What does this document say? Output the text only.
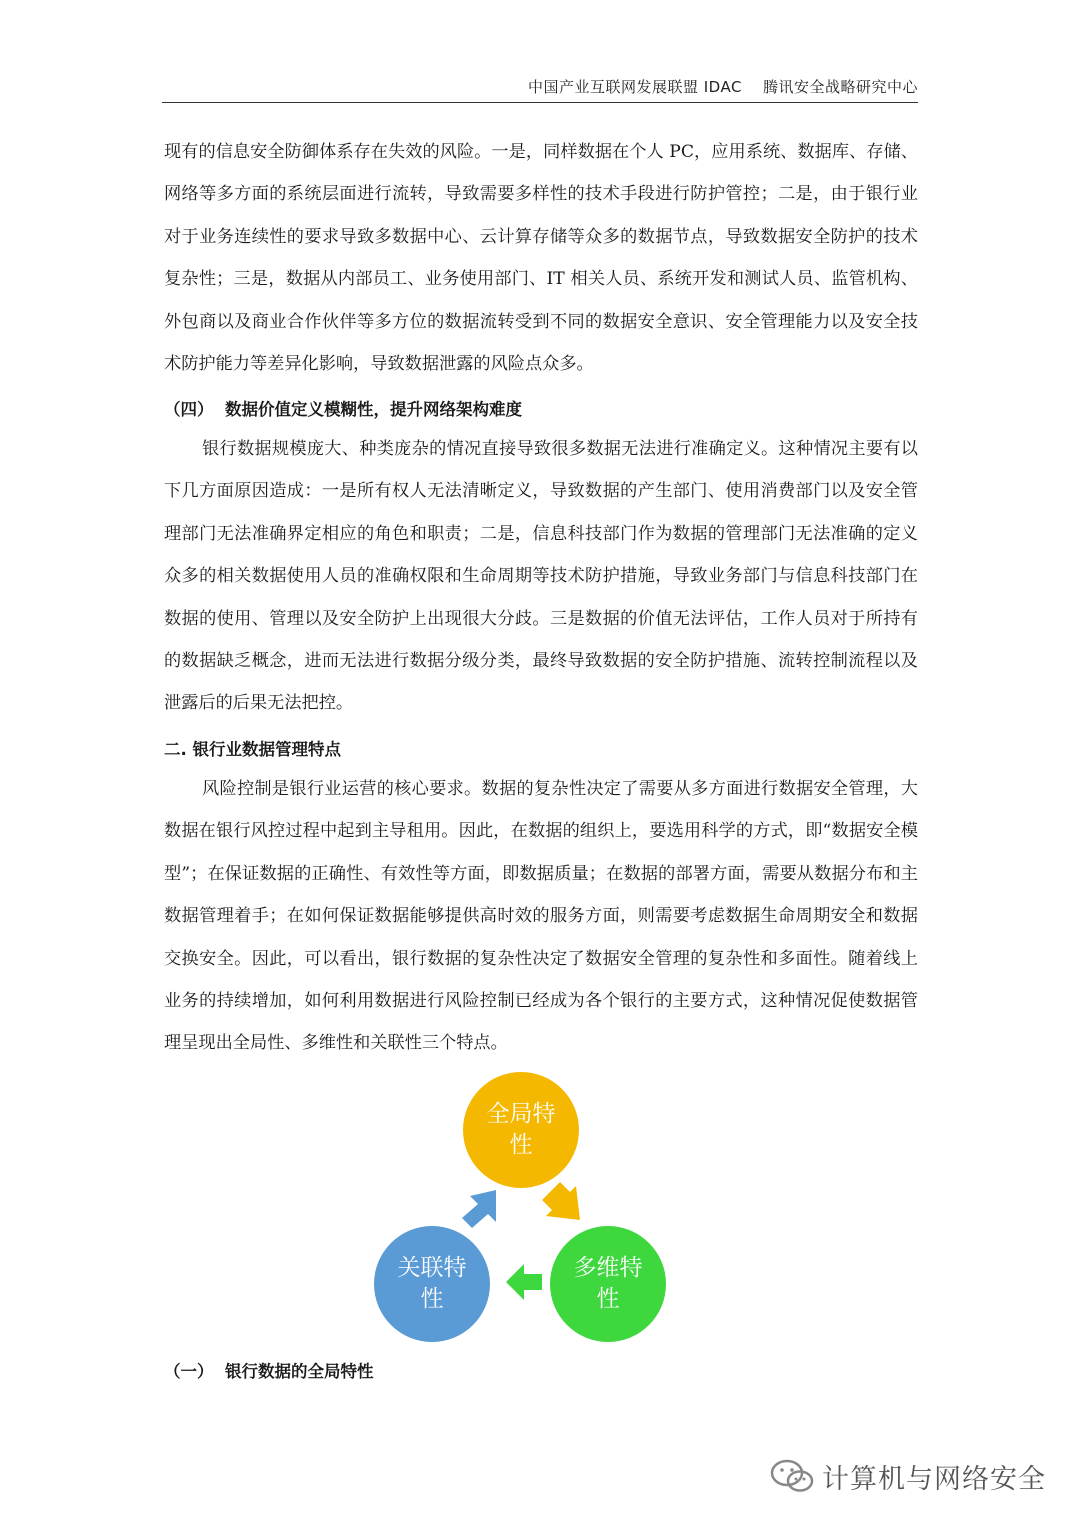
中国产业互联网发展联盟 IDAC    腾讯安全战略研究中心

现有的信息安全防御体系存在失效的风险。一是，同样数据在个人 PC，应用系统、数据库、存储、网络等多方面的系统层面进行流转，导致需要多样性的技术手段进行防护管控；二是，由于银行业对于业务连续性的要求导致多数据中心、云计算存储等众多的数据节点，导致数据安全防护的技术复杂性；三是，数据从内部员工、业务使用部门、IT 相关人员、系统开发和测试人员、监管机构、外包商以及商业合作伙伴等多方位的数据流转受到不同的数据安全意识、安全管理能力以及安全技术防护能力等差异化影响，导致数据泄露的风险点众多。

（四）  数据价值定义模糊性，提升网络架构难度

银行数据规模庞大、种类庞杂的情况直接导致很多数据无法进行准确定义。这种情况主要有以下几方面原因造成：一是所有权人无法清晰定义，导致数据的产生部门、使用消费部门以及安全管理部门无法准确界定相应的角色和职责；二是，信息科技部门作为数据的管理部门无法准确的定义众多的相关数据使用人员的准确权限和生命周期等技术防护措施，导致业务部门与信息科技部门在数据的使用、管理以及安全防护上出现很大分歧。三是数据的价值无法评估，工作人员对于所持有的数据缺乏概念，进而无法进行数据分级分类，最终导致数据的安全防护措施、流转控制流程以及泄露后的后果无法把控。

二. 银行业数据管理特点

风险控制是银行业运营的核心要求。数据的复杂性决定了需要从多方面进行数据安全管理，大数据在银行风控过程中起到主导租用。因此，在数据的组织上，要选用科学的方式，即“数据安全模型”；在保证数据的正确性、有效性等方面，即数据质量；在数据的部署方面，需要从数据分布和主数据管理着手；在如何保证数据能够提供高时效的服务方面，则需要考虑数据生命周期安全和数据交换安全。因此，可以看出，银行数据的复杂性决定了数据安全管理的复杂性和多面性。随着线上业务的持续增加，如何利用数据进行风险控制已经成为各个银行的主要方式，这种情况促使数据管理呈现出全局性、多维性和关联性三个特点。

全局特性
多维特性
关联特性
（一）  银行数据的全局特性
计算机与网络安全
